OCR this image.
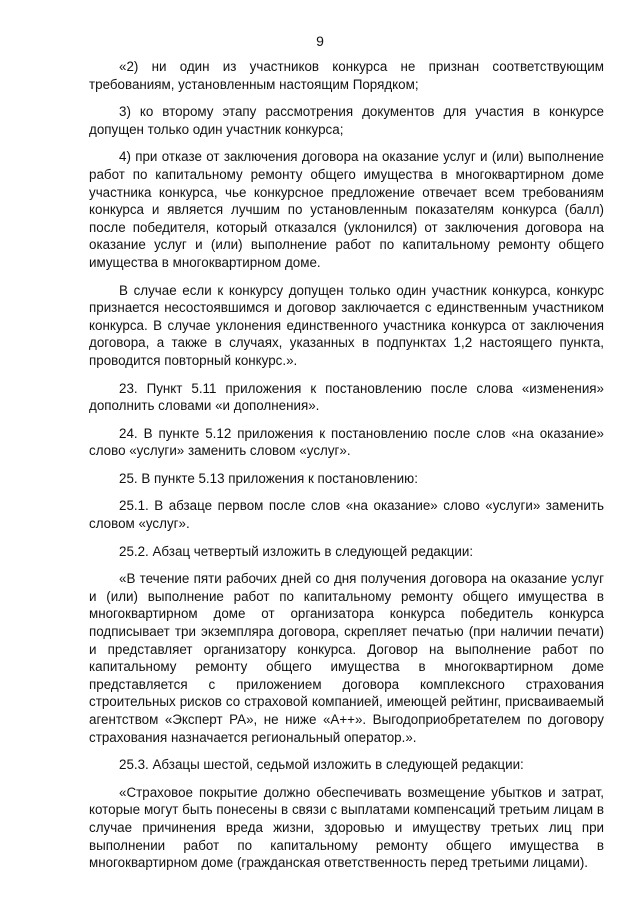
9

«2) ни один из участников конкурса не признан соответствующим требованиям, установленным настоящим Порядком;

3) ко второму этапу рассмотрения документов для участия в конкурсе допущен только один участник конкурса;

4) при отказе от заключения договора на оказание услуг и (или) выполнение работ по капитальному ремонту общего имущества в многоквартирном доме участника конкурса, чье конкурсное предложение отвечает всем требованиям конкурса и является лучшим по установленным показателям конкурса (балл) после победителя, который отказался (уклонился) от заключения договора на оказание услуг и (или) выполнение работ по капитальному ремонту общего имущества в многоквартирном доме.

В случае если к конкурсу допущен только один участник конкурса, конкурс признается несостоявшимся и договор заключается с единственным участником конкурса. В случае уклонения единственного участника конкурса от заключения договора, а также в случаях, указанных в подпунктах 1,2 настоящего пункта, проводится повторный конкурс.».

23. Пункт 5.11 приложения к постановлению после слова «изменения» дополнить словами «и дополнения».

24. В пункте 5.12 приложения к постановлению после слов «на оказание» слово «услуги» заменить словом «услуг».

25. В пункте 5.13 приложения к постановлению:

25.1. В абзаце первом после слов «на оказание» слово «услуги» заменить словом «услуг».

25.2. Абзац четвертый изложить в следующей редакции:

«В течение пяти рабочих дней со дня получения договора на оказание услуг и (или) выполнение работ по капитальному ремонту общего имущества в многоквартирном доме от организатора конкурса победитель конкурса подписывает три экземпляра договора, скрепляет печатью (при наличии печати) и представляет организатору конкурса. Договор на выполнение работ по капитальному ремонту общего имущества в многоквартирном доме представляется с приложением договора комплексного страхования строительных рисков со страховой компанией, имеющей рейтинг, присваиваемый агентством «Эксперт РА», не ниже «А++». Выгодоприобретателем по договору страхования назначается региональный оператор.».

25.3. Абзацы шестой, седьмой изложить в следующей редакции:

«Страховое покрытие должно обеспечивать возмещение убытков и затрат, которые могут быть понесены в связи с выплатами компенсаций третьим лицам в случае причинения вреда жизни, здоровью и имуществу третьих лиц при выполнении работ по капитальному ремонту общего имущества в многоквартирном доме (гражданская ответственность перед третьими лицами).
